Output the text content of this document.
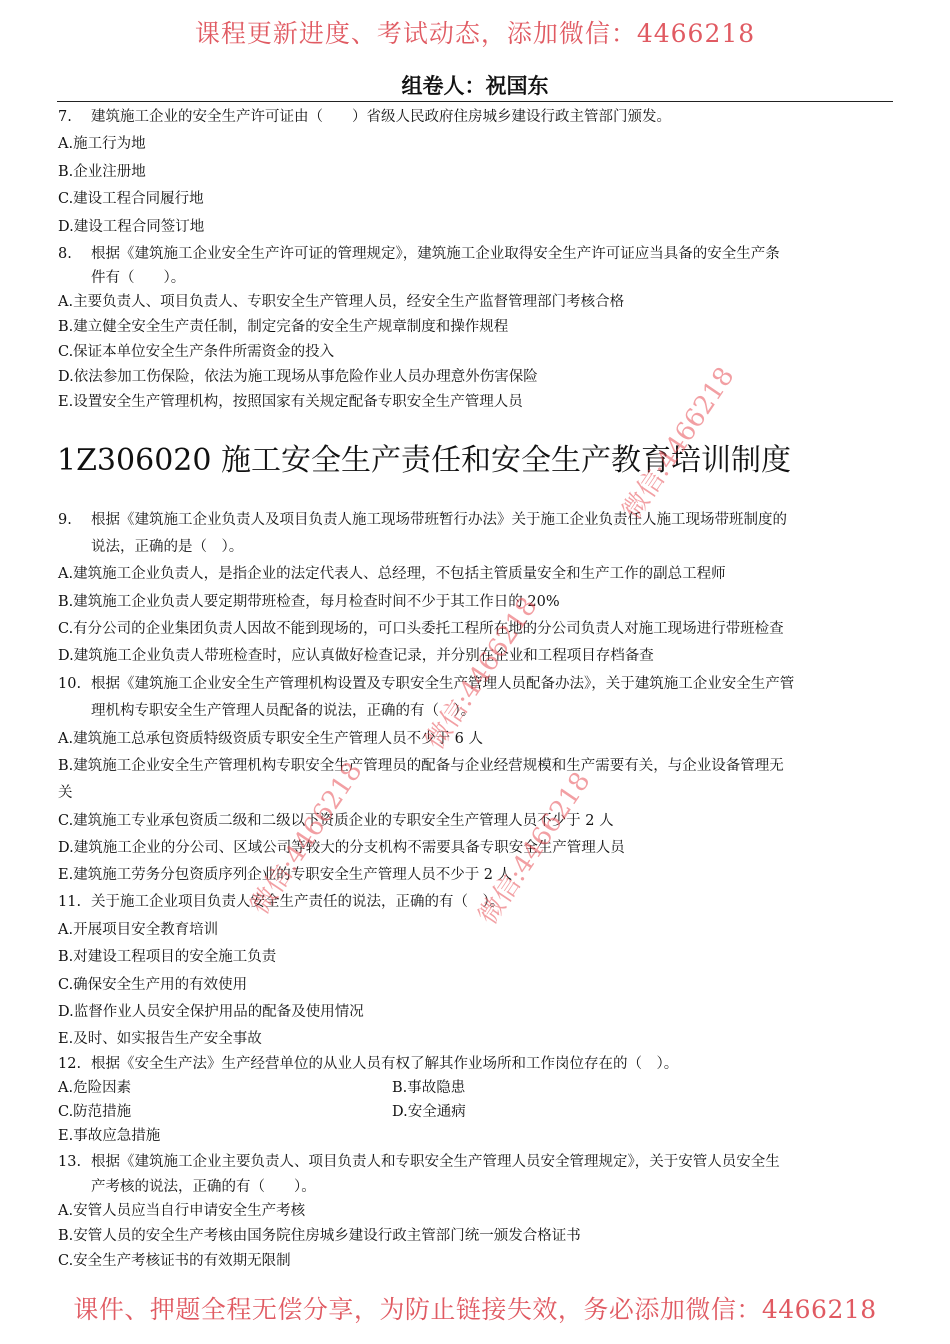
课程更新进度、考试动态，添加微信：4466218
组卷人：祝国东
7. 建筑施工企业的安全生产许可证由（　　）省级人民政府住房城乡建设行政主管部门颁发。
A.施工行为地
B.企业注册地
C.建设工程合同履行地
D.建设工程合同签订地
8. 根据《建筑施工企业安全生产许可证的管理规定》，建筑施工企业取得安全生产许可证应当具备的安全生产条
件有（　　）。
A.主要负责人、项目负责人、专职安全生产管理人员，经安全生产监督管理部门考核合格
B.建立健全安全生产责任制，制定完备的安全生产规章制度和操作规程
C.保证本单位安全生产条件所需资金的投入
D.依法参加工伤保险，依法为施工现场从事危险作业人员办理意外伤害保险
E.设置安全生产管理机构，按照国家有关规定配备专职安全生产管理人员
1Z306020 施工安全生产责任和安全生产教育培训制度
9. 根据《建筑施工企业负责人及项目负责人施工现场带班暂行办法》关于施工企业负责任人施工现场带班制度的
说法，正确的是（　）。
A.建筑施工企业负责人，是指企业的法定代表人、总经理，不包括主管质量安全和生产工作的副总工程师
B.建筑施工企业负责人要定期带班检查，每月检查时间不少于其工作日的 20%
C.有分公司的企业集团负责人因故不能到现场的，可口头委托工程所在地的分公司负责人对施工现场进行带班检查
D.建筑施工企业负责人带班检查时，应认真做好检查记录，并分别在企业和工程项目存档备查
10. 根据《建筑施工企业安全生产管理机构设置及专职安全生产管理人员配备办法》，关于建筑施工企业安全生产管
理机构专职安全生产管理人员配备的说法，正确的有（　）。
A.建筑施工总承包资质特级资质专职安全生产管理人员不少于 6 人
B.建筑施工企业安全生产管理机构专职安全生产管理员的配备与企业经营规模和生产需要有关，与企业设备管理无
关
C.建筑施工专业承包资质二级和二级以下资质企业的专职安全生产管理人员不少于 2 人
D.建筑施工企业的分公司、区域公司等较大的分支机构不需要具备专职安全生产管理人员
E.建筑施工劳务分包资质序列企业的专职安全生产管理人员不少于 2 人
11. 关于施工企业项目负责人安全生产责任的说法，正确的有（　）。
A.开展项目安全教育培训
B.对建设工程项目的安全施工负责
C.确保安全生产用的有效使用
D.监督作业人员安全保护用品的配备及使用情况
E.及时、如实报告生产安全事故
12. 根据《安全生产法》生产经营单位的从业人员有权了解其作业场所和工作岗位存在的（　）。
A.危险因素	B.事故隐患
C.防范措施	D.安全通病
E.事故应急措施
13. 根据《建筑施工企业主要负责人、项目负责人和专职安全生产管理人员安全管理规定》，关于安管人员安全生
产考核的说法，正确的有（　　）。
A.安管人员应当自行申请安全生产考核
B.安管人员的安全生产考核由国务院住房城乡建设行政主管部门统一颁发合格证书
C.安全生产考核证书的有效期无限制
微信:4466218
微信:4466218
微信:4466218	微信:4466218
课件、押题全程无偿分享，为防止链接失效，务必添加微信：4466218
